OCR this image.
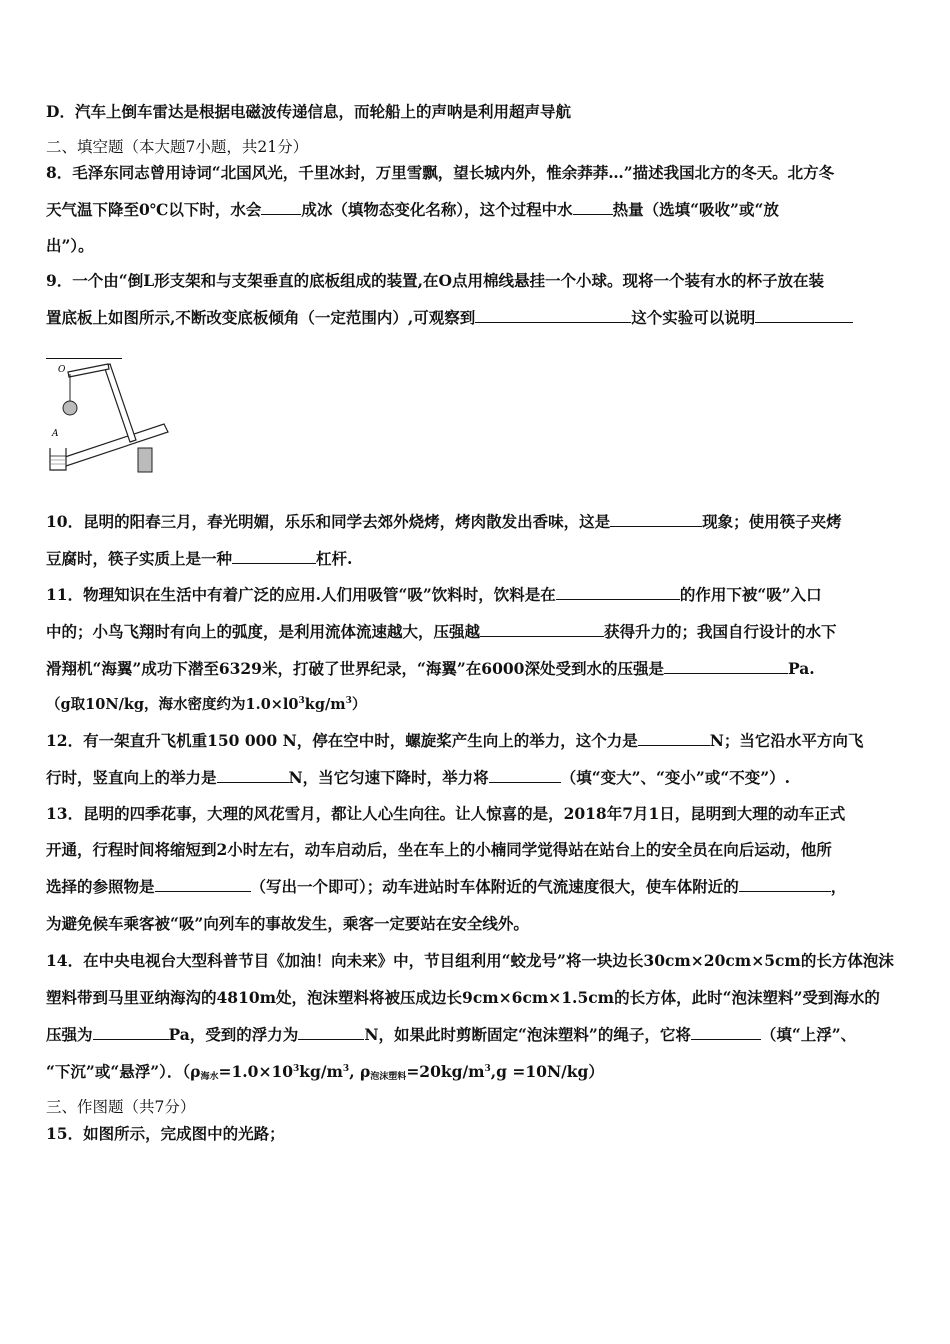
D．汽车上倒车雷达是根据电磁波传递信息，而轮船上的声呐是利用超声导航
二、填空题（本大题7小题，共21分）
8．毛泽东同志曾用诗词“北国风光，千里冰封，万里雪飘，望长城内外，惟余莽莽…”描述我国北方的冬天。北方冬
天气温下降至0℃以下时，水会	成冰（填物态变化名称），这个过程中水	热量（选填“吸收”或“放
出”）。
9．一个由“倒L形支架和与支架垂直的底板组成的装置,在O点用棉线悬挂一个小球。现将一个装有水的杯子放在装
置底板上如图所示,不断改变底板倾角（一定范围内）,可观察到	这个实验可以说明
O
A
10．昆明的阳春三月，春光明媚，乐乐和同学去郊外烧烤，烤肉散发出香味，这是	现象；使用筷子夹烤
豆腐时，筷子实质上是一种	杠杆.
11．物理知识在生活中有着广泛的应用.人们用吸管“吸”饮料时，饮料是在	的作用下被“吸”入口
中的；小鸟飞翔时有向上的弧度，是利用流体流速越大，压强越	获得升力的；我国自行设计的水下
滑翔机“海翼”成功下潜至6329米，打破了世界纪录，“海翼”在6000深处受到水的压强是	Pa.
（g取10N/kg，海水密度约为$1.0\times l0^3kg/m^3$）
12．有一架直升飞机重150 000 N，停在空中时，螺旋桨产生向上的举力，这个力是	N；当它沿水平方向飞
行时，竖直向上的举力是	N，当它匀速下降时，举力将	（填“变大”、“变小”或“不变”）.
13．昆明的四季花事，大理的风花雪月，都让人心生向往。让人惊喜的是，2018年7月1日，昆明到大理的动车正式
开通，行程时间将缩短到2小时左右，动车启动后，坐在车上的小楠同学觉得站在站台上的安全员在向后运动，他所
选择的参照物是	（写出一个即可）；动车进站时车体附近的气流速度很大，使车体附近的	，
为避免候车乘客被“吸”向列车的事故发生，乘客一定要站在安全线外。
14．在中央电视台大型科普节目《加油！向未来》中，节目组利用“蛟龙号”将一块边长30cm×20cm×5cm的长方体泡沫
塑料带到马里亚纳海沟的4810m处，泡沫塑料将被压成边长9cm×6cm×1.5cm的长方体，此时“泡沫塑料”受到海水的
压强为	Pa，受到的浮力为	N，如果此时剪断固定“泡沫塑料”的绳子，它将	（填“上浮”、
“下沉”或“悬浮”）．（$\rho_{海水}=1.0\times 10^3kg/m^3$, $\rho_{泡沫塑料}=20kg/m^3,g =10N/kg$）
三、作图题（共7分）
15．如图所示，完成图中的光路；
